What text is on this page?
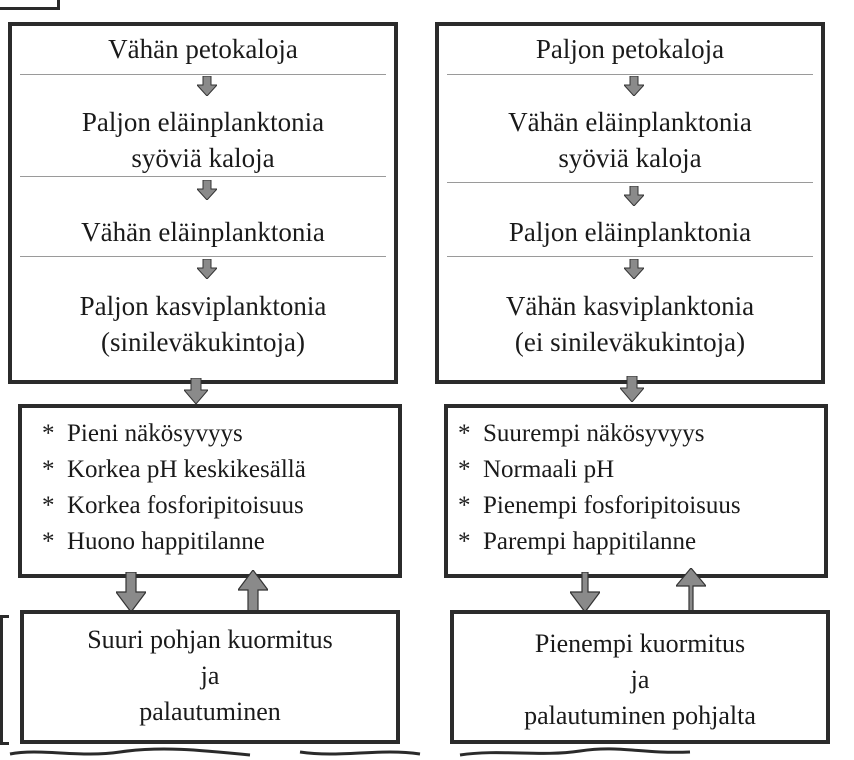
Vähän petokaloja
Paljon eläinplanktonia
syöviä kaloja
Vähän eläinplanktonia
Paljon kasviplanktonia
(sinileväkukintoja)
Paljon petokaloja
Vähän eläinplanktonia
syöviä kaloja
Paljon eläinplanktonia
Vähän kasviplanktonia
(ei sinileväkukintoja)
* Pieni näkösyvyys
* Korkea pH keskikesällä
* Korkea fosforipitoisuus
* Huono happitilanne
* Suurempi näkösyvyys
* Normaali pH
* Pienempi fosforipitoisuus
* Parempi happitilanne
Suuri pohjan kuormitus
ja
palautuminen
Pienempi kuormitus
ja
palautuminen pohjalta
